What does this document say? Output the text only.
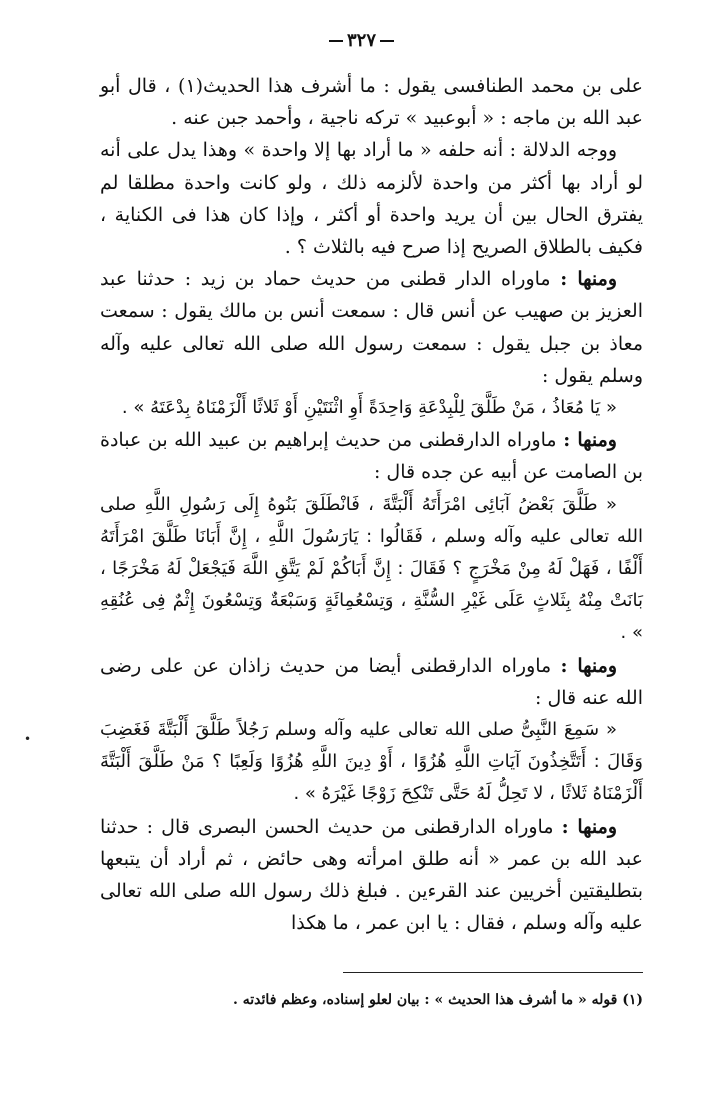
٣٢٧

على بن محمد الطنافسى يقول : ما أشرف هذا الحديث(١) ، قال أبو عبد الله بن ماجه : « أبوعبيد » تركه ناجية ، وأحمد جبن عنه .

ووجه الدلالة : أنه حلفه « ما أراد بها إلا واحدة » وهذا يدل على أنه لو أراد بها أكثر من واحدة لألزمه ذلك ، ولو كانت واحدة مطلقا لم يفترق الحال بين أن يريد واحدة أو أكثر ، وإذا كان هذا فى الكناية ، فكيف بالطلاق الصريح إذا صرح فيه بالثلاث ؟ .

ومنها : ماوراه الدار قطنى من حديث حماد بن زيد : حدثنا عبد العزيز بن صهيب عن أنس قال : سمعت أنس بن مالك يقول : سمعت معاذ بن جبل يقول : سمعت رسول الله صلى الله تعالى عليه وآله وسلم يقول :

« يَا مُعَاذُ ، مَنْ طَلَّقَ لِلْبِدْعَةِ وَاحِدَةً أَوِ اثْنَتَيْنِ أَوْ ثَلاثًا أَلْزَمْنَاهُ بِدْعَتَهُ » .

ومنها : ماوراه الدارقطنى من حديث إبراهيم بن عبيد الله بن عبادة بن الصامت عن أبيه عن جده قال :

« طَلَّقَ بَعْضُ آبَائِى امْرَأَتَهُ أَلْبَتَّةَ ، فَانْطَلَقَ بَنُوهُ إِلَى رَسُولِ اللَّهِ صلى الله تعالى عليه وآله وسلم ، فَقَالُوا : يَارَسُولَ اللَّهِ ، إِنَّ أَبَانَا طَلَّقَ امْرَأَتَهُ أَلْفًا ، فَهَلْ لَهُ مِنْ مَخْرَجٍ ؟ فَقَالَ : إِنَّ أَبَاكُمْ لَمْ يَتَّقِ اللَّهَ فَيَجْعَلْ لَهُ مَخْرَجًا ، بَانَتْ مِنْهُ بِثَلاثٍ عَلَى غَيْرِ السُّنَّةِ ، وَتِسْعُمِائَةٍ وَسَبْعَةٌ وَتِسْعُونَ إِثْمٌ فِى عُنُقِهِ » .

ومنها : ماوراه الدارقطنى أيضا من حديث زاذان عن على رضى الله عنه قال :

« سَمِعَ النَّبِىُّ صلى الله تعالى عليه وآله وسلم رَجُلاً طَلَّقَ أَلْبَتَّةَ فَغَضِبَ وَقَالَ : أَتَتَّخِذُونَ آيَاتِ اللَّهِ هُزُوًا ، أَوْ دِينَ اللَّهِ هُزُوًا وَلَعِبًا ؟ مَنْ طَلَّقَ أَلْبَتَّةَ أَلْزَمْنَاهُ ثَلاثًا ، لا تَحِلُّ لَهُ حَتَّى تَنْكِحَ زَوْجًا غَيْرَهُ » .

ومنها : ماوراه الدارقطنى من حديث الحسن البصرى قال : حدثنا عبد الله بن عمر « أنه طلق امرأته وهى حائض ، ثم أراد أن يتبعها بتطليقتين أخريين عند القرءين . فبلغ ذلك رسول الله صلى الله تعالى عليه وآله وسلم ، فقال : يا ابن عمر ، ما هكذا

•
(١) قوله « ما أشرف هذا الحديث » : بيان لعلو إسناده، وعظم فائدته .
